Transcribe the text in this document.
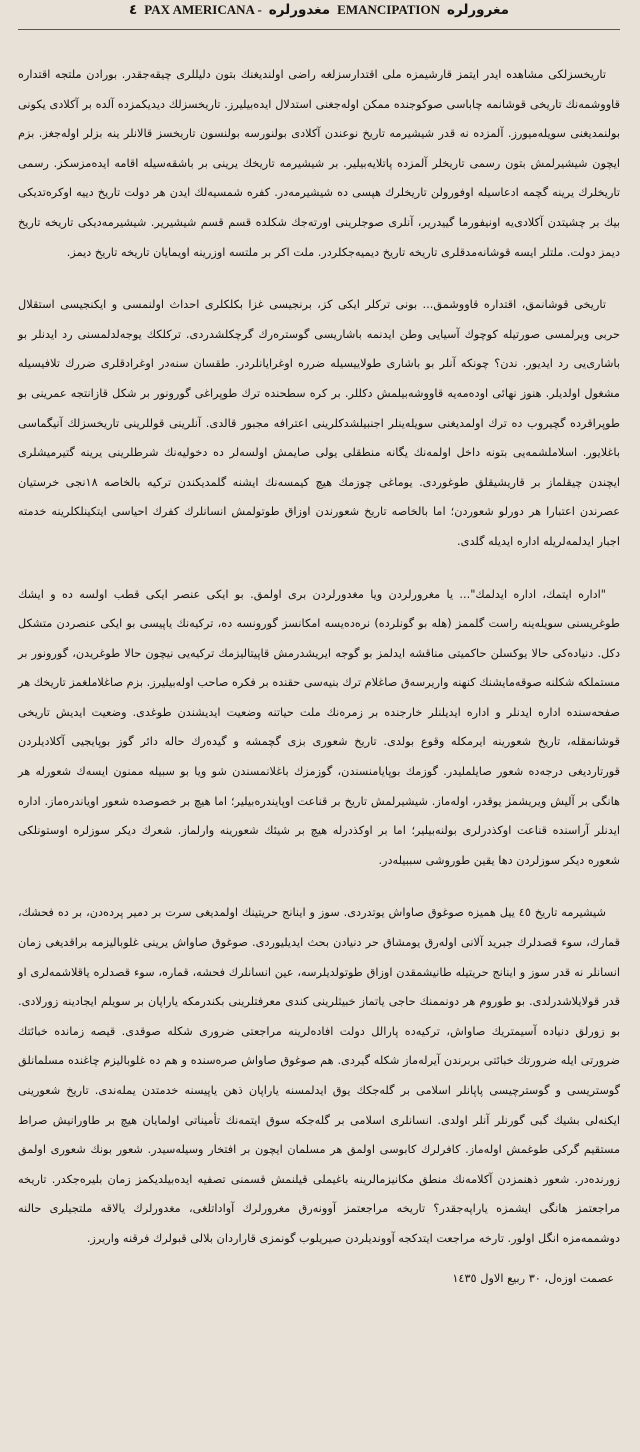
مغرورلره
EMANCIPATION
مغدورلره
PAX AMERICANA -
٤

تاریخسزلکی مشاهده ایدر ایتمز قارشیمزه ملی اقتدارسزلغه راضی اولندیغنك بتون دلیللری چیقەجقدر. بورادن ملتجه اقتداره قاووشمەنك تاریخی قوشانمه چاباسی صوكوجنده ممكن اولەجغنی استدلال ایدەبیلیرز. تاریخسزلك دیدیکمزده آلده بر آکلادی یکونی بولنمدیغنی سویلەمیورز. آلمزده نه قدر شیشیرمه تاریخ نوعندن آکلادی بولنورسه بولنسون تاریخسز قالانلر ینه بزلر اولەجغز. بزم ایچون شیشیرلمش بتون رسمی تاریخلر آلمزده پاتلایەبیلیر. بر شیشیرمه تاریخك یرینی بر باشقەسیله اقامه ایدەمزسکز. رسمی تاریخلرك یرینه گچمه ادعاسیله اوفورولن تاریخلرك هپسی ده شیشیرمەدر. کفره شمسیەلك ایدن هر دولت تاریخ دییه اوکره‌تدیکی بیك بر چشیتدن آکلادی‌یه اونیفورما گییدریر، آنلری صوجلرینی اورته‌جك شکلده قسم قسم شیشیریر. شیشیرمەدیکی تاریخه تاریخ دیمز دولت. ملتلر ایسه قوشانەمدقلری تاریخه تاریخ دیمیەجکلردر. ملت اکر بر ملتسه اوزرینه اویمایان تاریخه تاریخ دیمز.

تاریخی قوشانمق، اقتداره قاووشمق... بونی ترکلر ایکی کز، برنجیسی غزا بکلکلری احداث اولنمسی و ایکنجیسی استقلال حربی ویرلمسی صورتیله کوچوك آسیایی وطن ایدنمه باشاریسی گوستره‌رك گرچکلشدردی. ترکلکك یوجەلدلمسنی رد ایدنلر بو باشاری‌یی رد ایدیور. ندن؟ چونکه آنلر بو باشاری طولاییسیله ضرره اوغرایانلردر. طقسان سنەدر اوغرادقلری ضررك تلافیسیله مشغول اولدیلر. هنوز نهائی اوده‌مه‌یه قاووشەبیلمش دکللر. بر کره سطحنده ترك طوپراغی گورونور بر شکل قازانتجه عمرینی بو طوپراقرده گچیروب ده ترك اولمدیغنی سویلەینلر اجنبیلشدکلرینی اعترافه مجبور قالدی. آنلرینی قوللرینی تاریخسزلك آنیگماسی باغلایور. اسلاملشمه‌یی بتونه داخل اولمەنك یگانه منطقلی یولی صایمش اولسەلر ده دخولیەنك شرطلرینی یرینه گتیرمیشلری ایچندن چیقلماز بر قاریشیقلق طوغوردی. یوماغی چوزمك هیچ کیمسەنك ایشنه گلمدیکندن ترکیه بالخاصه ١٨نجی خرستیان عصرندن اعتبارا هر دورلو شعوردن؛ اما بالخاصه تاریخ شعورندن اوزاق طوتولمش انسانلرك کفرك احیاسی ایتکینلکلرینه خدمته اجبار ایدلمەلریله اداره ایدیله گلدی.

"اداره ایتمك، اداره ایدلمك"... یا مغرورلردن ویا مغدورلردن بری اولمق. بو ایکی عنصر ایکی قطب اولسه ده و ایشك طوغریسنی سویلەینه راست گلممز (هله بو گونلرده) نره‌ده‌یسه امکانسز گورونسه ده، ترکیەنك یاپیسی بو ایکی عنصردن متشکل دکل. دنیاده‌کی حالا یوکسلن حاکمیتی مناقشه ایدلمز بو گوجه ایریشدرمش قاپیتالیزمك ترکیه‌یی نیچون حالا طوغریدن، گورونور بر مستملکه شکلنه صوقەمایشنك کنهنه واریرسەق صاغلام ترك بنیەسی حقنده بر فکره صاحب اولەبیلیرز. بزم صاغلاملغمز تاریخك هر صفحەسنده اداره ایدنلر و اداره ایدیلنلر خارجنده بر زمرەنك ملت حیاتنه وضعیت ایدیشندن طوغدی. وضعیت ایدیش تاریخی قوشانمقله، تاریخ شعورینه ایرمکله وقوع بولدی. تاریخ شعوری بزی گچمشه و گیده‌رك حاله دائر گوز بوپایجیی آکلادیلردن قورتاردیغی درجەده شعور صایلملیدر. گوزمك بوپایامنسندن، گوزمزك باغلانمسندن شو ویا بو سبیله ممنون ایسەك شعورله هر هانگی بر آلیش ویریشمز یوقدر، اولەماز. شیشیرلمش تاریخ بر قناعت اوپایندره‌بیلیر؛ اما هیچ بر خصوصده شعور اویاندره‌ماز. اداره ایدنلر آراسنده قناعت اوکذدرلری بولنەبیلیر؛ اما بر اوکذدرله هیچ بر شیئك شعورینه وارلماز. شعرك دیکر سوزلره اوستونلکی شعوره دیکر سوزلردن دها یقین طوروشی سببیلەدر.

شیشیرمه تاریخ ٤٥ ییل همیزه صوغوق صاواش یوتدردی. سوز و اینانج حریتینك اولمدیغی سرت بر دمیر پرده‌دن، بر ده فحشك، قمارك، سوء قصدلرك جبرید آلانی اولەرق یومشاق حر دنیادن بحث ایدیلیوردی. صوغوق صاواش یرینی غلوبالیزمه براقدیغی زمان انسانلر نه قدر سوز و اینانج حریتیله طانیشمقدن اوزاق طوتولدیلرسه، عین انسانلرك فحشه، قماره، سوء قصدلره یاقلاشمەلری او قدر قولایلاشدرلدی. بو طوروم هر دونممنك حاجی یاتماز خبیثلرینی کندی معرفتلرینی بکندرمکه یاراپان بر سویلم ایجادینه زورلادی. بو زورلق دنیاده آسیمتریك صاواش، ترکیەده پارالل دولت افاده‌لرینه مراجعتی ضروری شکله صوقدی. قیصه زمانده خبائتك ضرورتی ایله ضرورتك خبائتی بربرندن آیرلەماز شکله گیردی. هم صوغوق صاواش صره‌سنده و هم ده غلوبالیزم چاغنده مسلمانلق گوستریسی و گوسترچیسی پاپانلر اسلامی بر گلەجکك یوق ایدلمسنه یاراپان ذهن یاپیسنه خدمتدن یملەندی. تاریخ شعورینی ایکنەلی بشیك گبی گورنلر آنلر اولدی. انسانلری اسلامی بر گلەجکه سوق ایتمەنك تأمیناتی اولمایان هیچ بر طاورانیش صراط مستقیم گرکی طوغمش اولەماز. کافرلرك کابوسی اولمق هر مسلمان ایچون بر افتخار وسیلەسیدر. شعور بونك شعوری اولمق زورنده‌در. شعور ذهنمزدن آکلامەنك منطق مکانیزمالرینه باغیملی قیلنمش قسمنی تصفیه ایدەبیلدیکمز زمان بلیره‌جکدر. تاریخه مراجعتمز هانگی ایشمزه یاراپەجقدر؟ تاریخه مراجعتمز آوونەرق مغرورلرك آواداتلغی، مغدورلرك یالاقه ملتجیلری حالنه دوشممەمزه انگل اولور. تارخه مراجعت ایتدکجه آوونديلردن صیریلوب گونمزی قاراردان بلالی قبولرك فرقنه واریرز.

عصمت اوزەل، ٣٠ ربیع الاول ١٤٣٥
